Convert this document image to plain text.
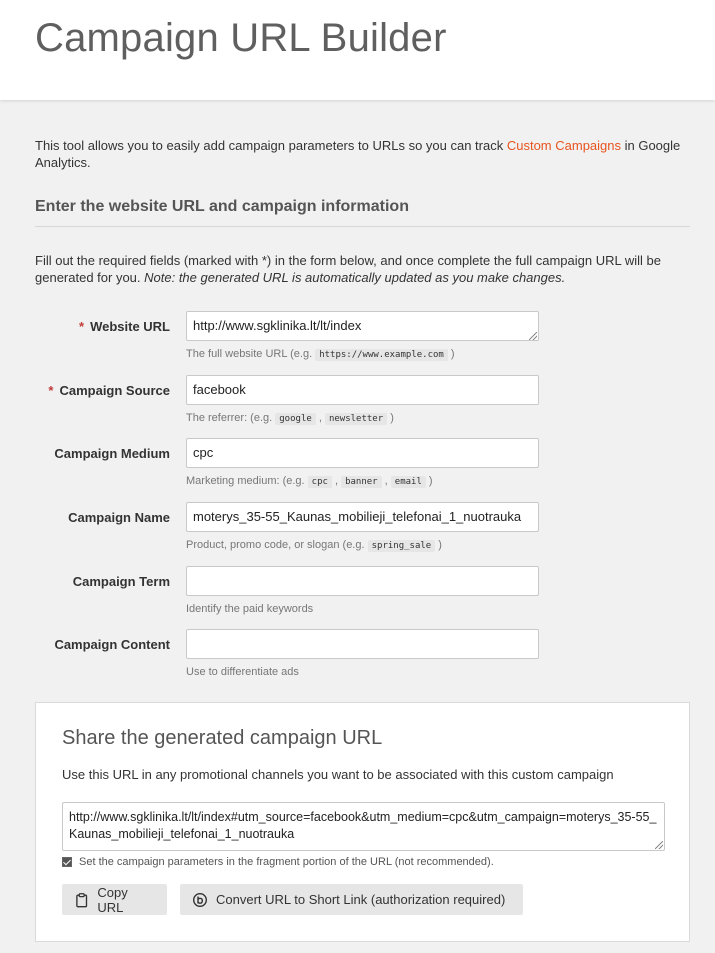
Campaign URL Builder

This tool allows you to easily add campaign parameters to URLs so you can track Custom Campaigns in Google Analytics.

Enter the website URL and campaign information

Fill out the required fields (marked with *) in the form below, and once complete the full campaign URL will be generated for you. Note: the generated URL is automatically updated as you make changes.

* Website URL	http://www.sgklinika.lt/lt/index
The full website URL (e.g. https://www.example.com )
* Campaign Source	facebook
The referrer: (e.g. google , newsletter )
Campaign Medium	cpc
Marketing medium: (e.g. cpc , banner , email )
Campaign Name	moterys_35-55_Kaunas_mobilieji_telefonai_1_nuotrauka
Product, promo code, or slogan (e.g. spring_sale )
Campaign Term
Identify the paid keywords
Campaign Content
Use to differentiate ads
Share the generated campaign URL

Use this URL in any promotional channels you want to be associated with this custom campaign

http://www.sgklinika.lt/lt/index#utm_source=facebook&utm_medium=cpc&utm_campaign=moterys_35-55_Kaunas_mobilieji_telefonai_1_nuotrauka
Set the campaign parameters in the fragment portion of the URL (not recommended).
Copy URL	Convert URL to Short Link (authorization required)
